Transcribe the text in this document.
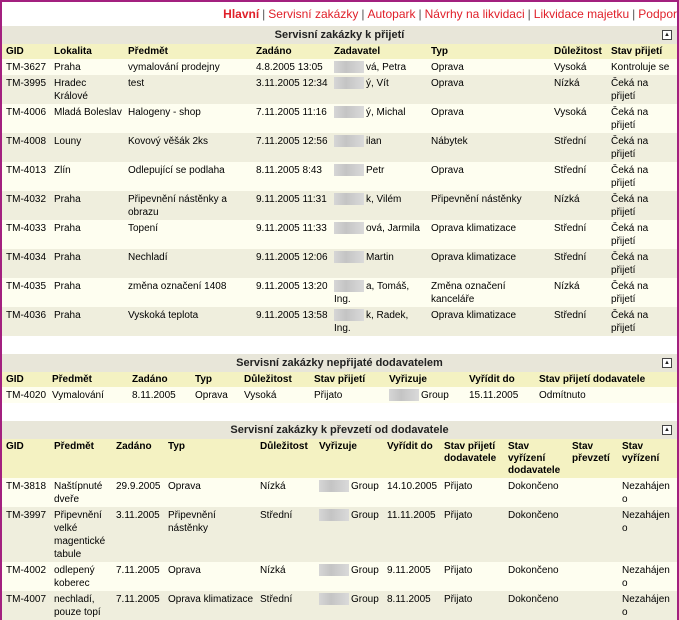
Hlavní | Servisní zakázky | Autopark | Návrhy na likvidaci | Likvidace majetku | Podpor
Servisní zakázky k přijetí	▲
GID	Lokalita	Předmět	Zadáno	Zadavatel	Typ	Důležitost	Stav přijetí
TM-3627	Praha	vymalování prodejny	4.8.2005 13:05	vá, Petra	Oprava	Vysoká	Kontroluje se
TM-3995	Hradec Králové	test	3.11.2005 12:34	ý, Vít	Oprava	Nízká	Čeká na přijetí
TM-4006	Mladá Boleslav	Halogeny - shop	7.11.2005 11:16	ý, Michal	Oprava	Vysoká	Čeká na přijetí
TM-4008	Louny	Kovový věšák 2ks	7.11.2005 12:56	ilan	Nábytek	Střední	Čeká na přijetí
TM-4013	Zlín	Odlepující se podlaha	8.11.2005 8:43	Petr	Oprava	Střední	Čeká na přijetí
TM-4032	Praha	Připevnění nástěnky a obrazu	9.11.2005 11:31	k, Vilém	Připevnění nástěnky	Nízká	Čeká na přijetí
TM-4033	Praha	Topení	9.11.2005 11:33	ová, Jarmila	Oprava klimatizace	Střední	Čeká na přijetí
TM-4034	Praha	Nechladí	9.11.2005 12:06	Martin	Oprava klimatizace	Střední	Čeká na přijetí
TM-4035	Praha	změna označení 1408	9.11.2005 13:20	a, Tomáš, Ing.	Změna označení kanceláře	Nízká	Čeká na přijetí
TM-4036	Praha	Vyskoká teplota	9.11.2005 13:58	k, Radek, Ing.	Oprava klimatizace	Střední	Čeká na přijetí
Servisní zakázky nepřijaté dodavatelem	▲
GID	Předmět	Zadáno	Typ	Důležitost	Stav přijetí	Vyřizuje	Vyřídit do	Stav přijetí dodavatele
TM-4020	Vymalování	8.11.2005	Oprava	Vysoká	Přijato	Group	15.11.2005	Odmítnuto
Servisní zakázky k převzetí od dodavatele	▲
GID	Předmět	Zadáno	Typ	Důležitost	Vyřizuje	Vyřídit do	Stav přijetí dodavatele	Stav vyřízení dodavatele	Stav převzetí	Stav vyřízení
TM-3818	Naštípnuté dveře	29.9.2005	Oprava	Nízká	Group	14.10.2005	Přijato	Dokončeno		Nezahájeno
TM-3997	Připevnění velké magentické tabule	3.11.2005	Připevnění nástěnky	Střední	Group	11.11.2005	Přijato	Dokončeno		Nezahájeno
TM-4002	odlepený koberec	7.11.2005	Oprava	Nízká	Group	9.11.2005	Přijato	Dokončeno		Nezahájeno
TM-4007	nechladí, pouze topí	7.11.2005	Oprava klimatizace	Střední	Group	8.11.2005	Přijato	Dokončeno		Nezahájeno
